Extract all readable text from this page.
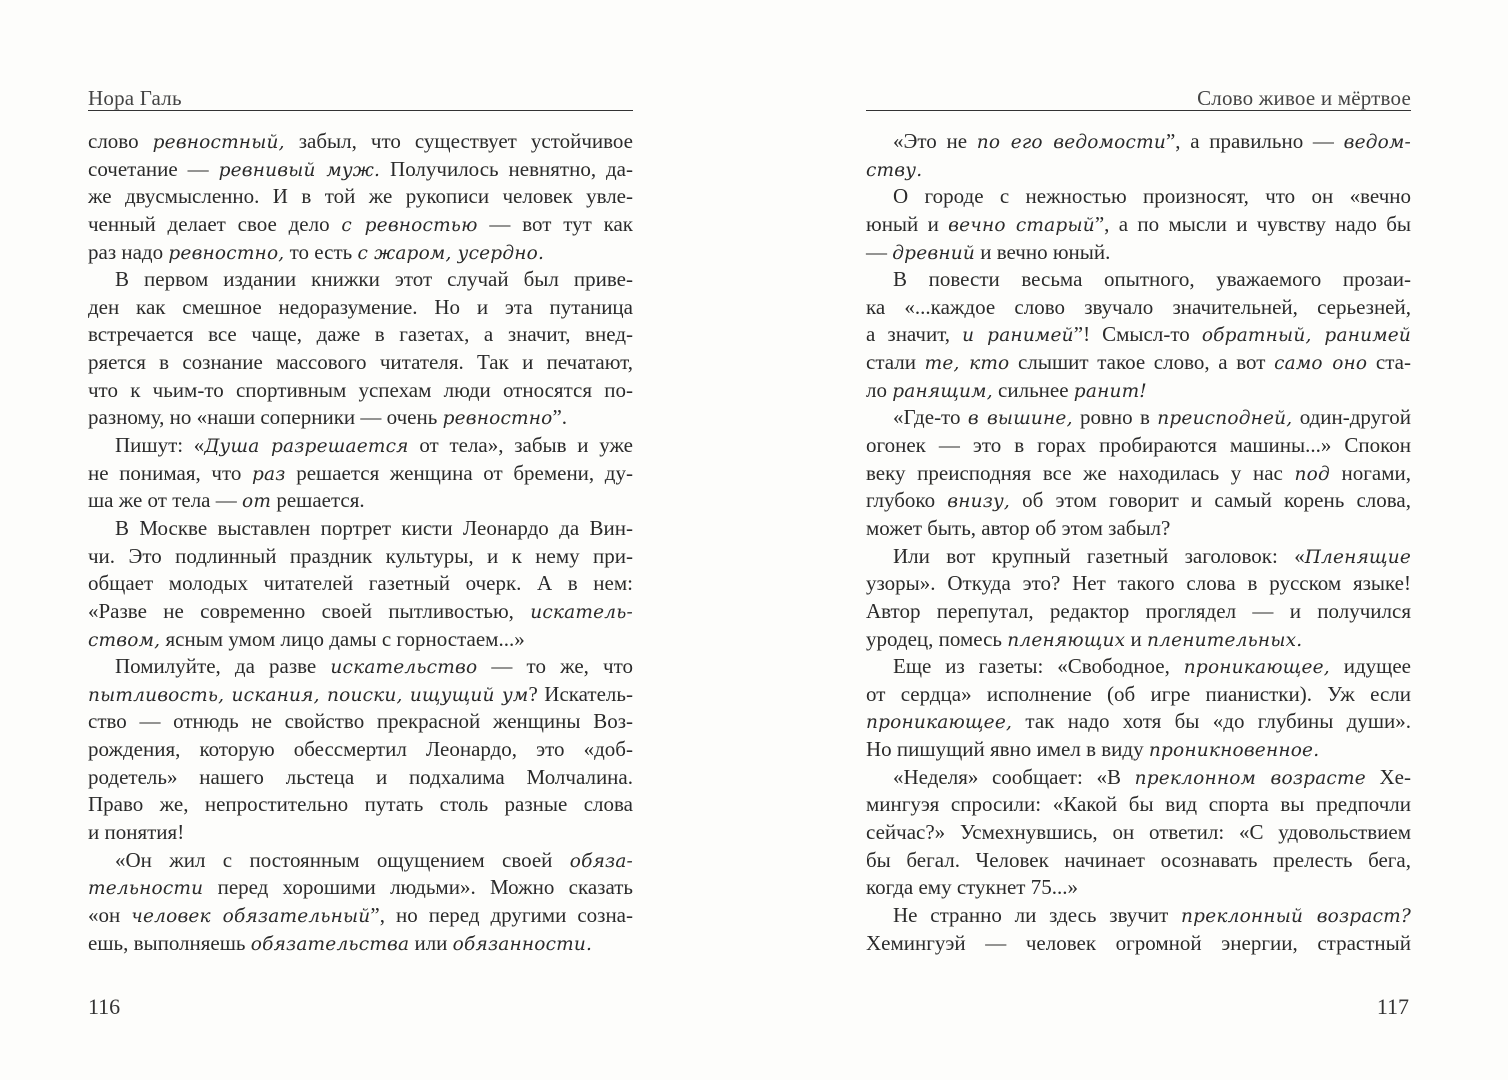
Нора Галь
слово ревностный, забыл, что существует устойчивое
сочетание — ревнивый муж. Получилось невнятно, да-
же двусмысленно. И в той же рукописи человек увле-
ченный делает свое дело с ревностью — вот тут как
раз надо ревностно, то есть с жаром, усердно.
В первом издании книжки этот случай был приве-
ден как смешное недоразумение. Но и эта путаница
встречается все чаще, даже в газетах, а значит, внед-
ряется в сознание массового читателя. Так и печатают,
что к чьим-то спортивным успехам люди относятся по-
разному, но «наши соперники — очень ревностно”.
Пишут: «Душа разрешается от тела», забыв и уже
не понимая, что раз решается женщина от бремени, ду-
ша же от тела — от решается.
В Москве выставлен портрет кисти Леонардо да Вин-
чи. Это подлинный праздник культуры, и к нему при-
общает молодых читателей газетный очерк. А в нем:
«Разве не современно своей пытливостью, искатель-
ством, ясным умом лицо дамы с горностаем...»
Помилуйте, да разве искательство — то же, что
пытливость, искания, поиски, ищущий ум? Искатель-
ство — отнюдь не свойство прекрасной женщины Воз-
рождения, которую обессмертил Леонардо, это «доб-
родетель» нашего льстеца и подхалима Молчалина.
Право же, непростительно путать столь разные слова
и понятия!
«Он жил с постоянным ощущением своей обяза-
тельности перед хорошими людьми». Можно сказать
«он человек обязательный”, но перед другими созна-
ешь, выполняешь обязательства или обязанности.
116
Слово живое и мёртвое
«Это не по его ведомости”, а правильно — ведом-
ству.
О городе с нежностью произносят, что он «вечно
юный и вечно старый”, а по мысли и чувству надо бы
— древний и вечно юный.
В повести весьма опытного, уважаемого прозаи-
ка «...каждое слово звучало значительней, серьезней,
а значит, и ранимей”! Смысл-то обратный, ранимей
стали те, кто слышит такое слово, а вот само оно ста-
ло ранящим, сильнее ранит!
«Где-то в вышине, ровно в преисподней, один-другой
огонек — это в горах пробираются машины...» Спокон
веку преисподняя все же находилась у нас под ногами,
глубоко внизу, об этом говорит и самый корень слова,
может быть, автор об этом забыл?
Или вот крупный газетный заголовок: «Пленящие
узоры». Откуда это? Нет такого слова в русском языке!
Автор перепутал, редактор проглядел — и получился
уродец, помесь пленяющих и пленительных.
Еще из газеты: «Свободное, проникающее, идущее
от сердца» исполнение (об игре пианистки). Уж если
проникающее, так надо хотя бы «до глубины души».
Но пишущий явно имел в виду проникновенное.
«Неделя» сообщает: «В преклонном возрасте Хе-
мингуэя спросили: «Какой бы вид спорта вы предпочли
сейчас?» Усмехнувшись, он ответил: «С удовольствием
бы бегал. Человек начинает осознавать прелесть бега,
когда ему стукнет 75...»
Не странно ли здесь звучит преклонный возраст?
Хемингуэй — человек огромной энергии, страстный
117
